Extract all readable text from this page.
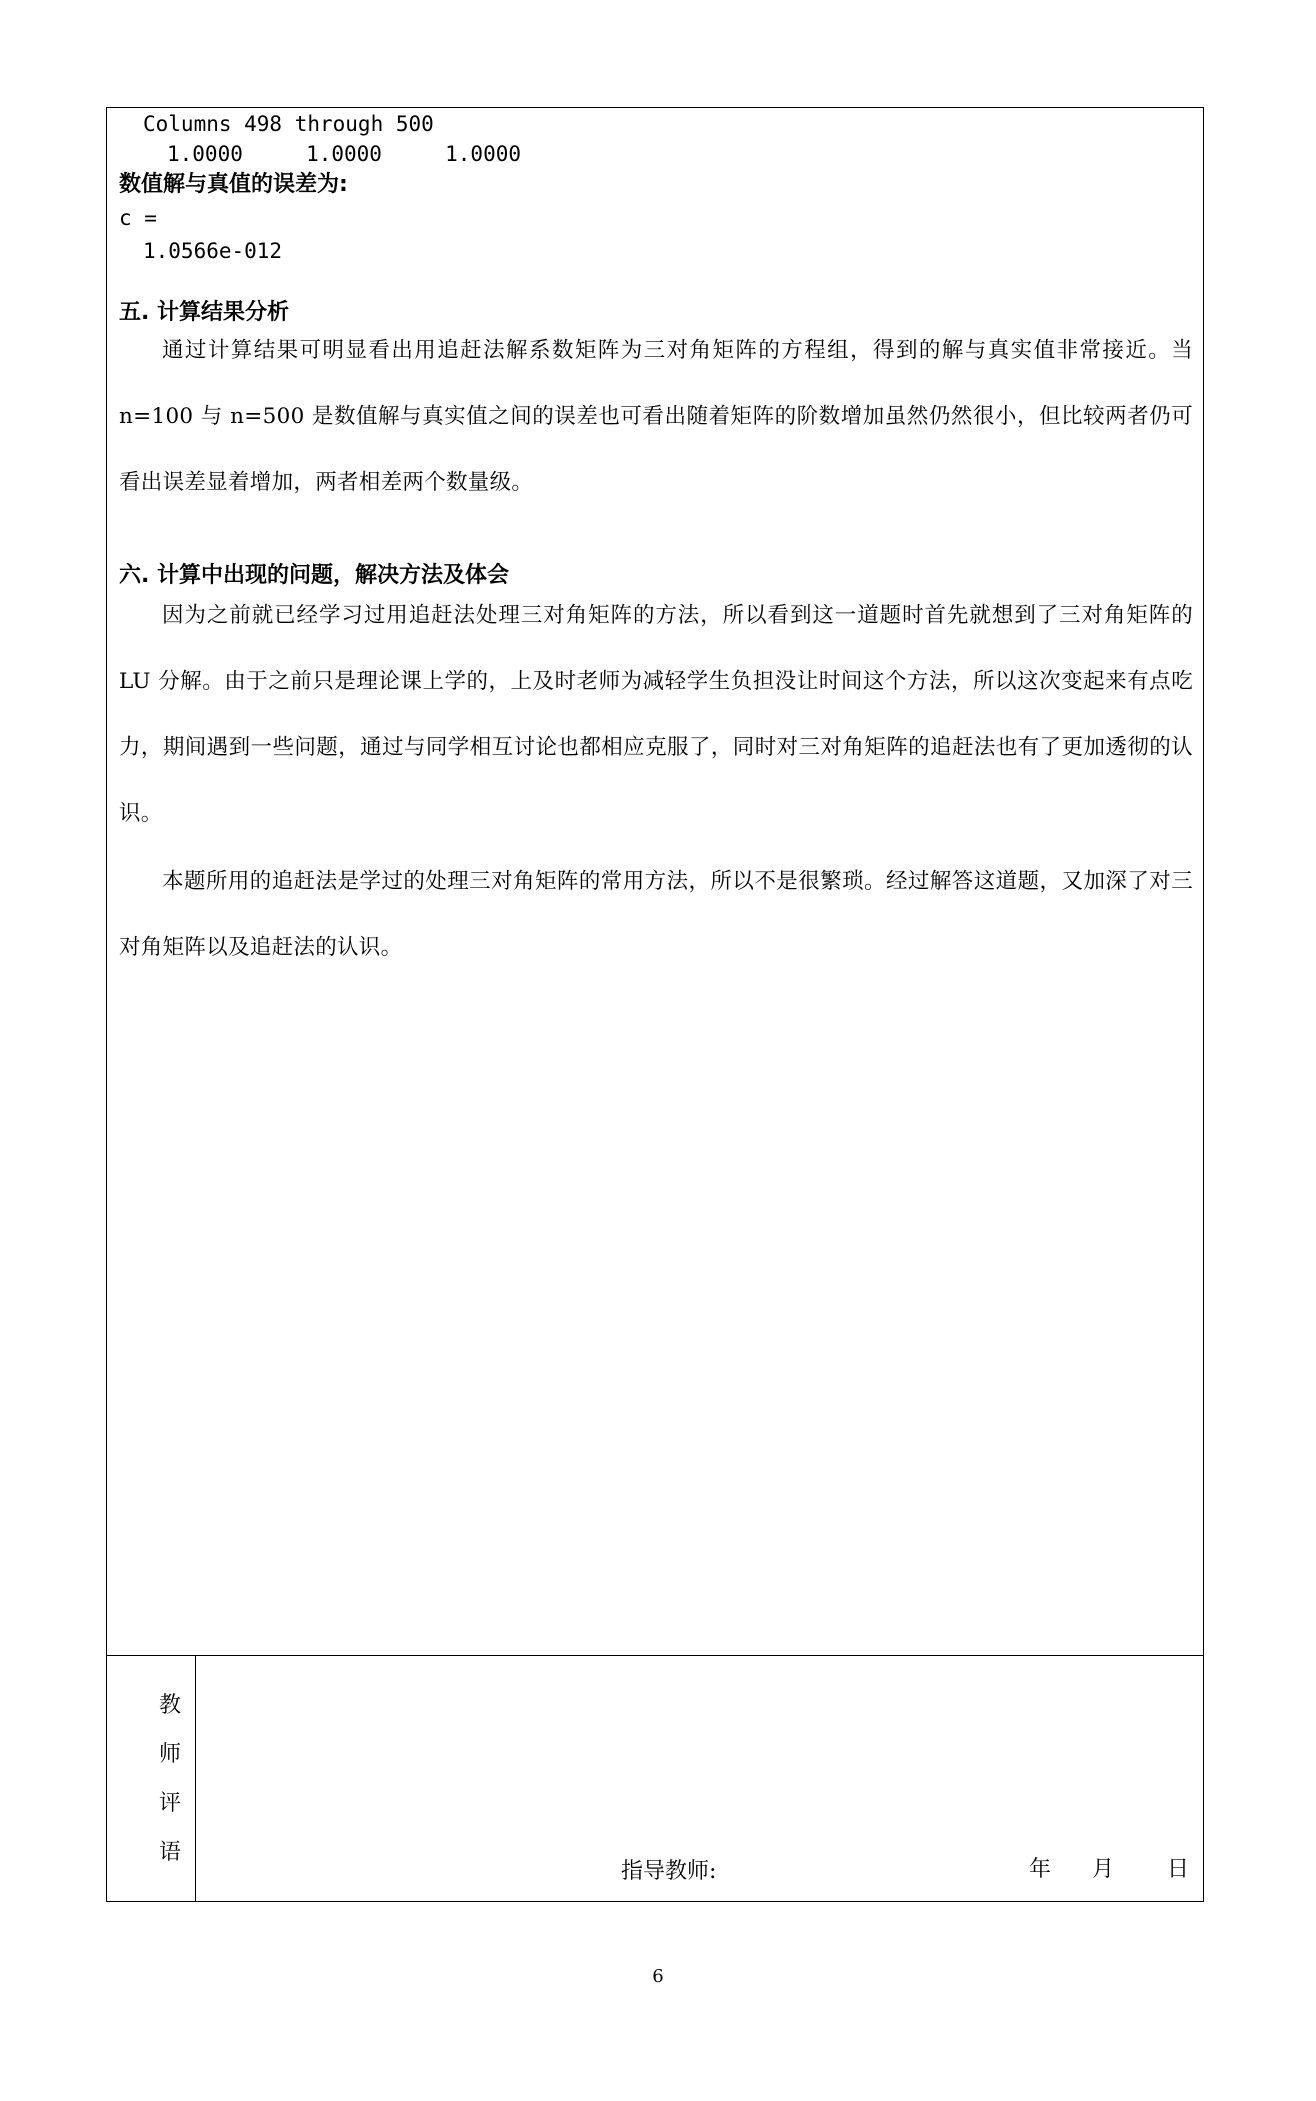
Columns 498 through 500
1.0000     1.0000     1.0000
数值解与真值的误差为:
c =
1.0566e-012
五. 计算结果分析
通过计算结果可明显看出用追赶法解系数矩阵为三对角矩阵的方程组，得到的解与真实值非常接近。当 n=100 与 n=500 是数值解与真实值之间的误差也可看出随着矩阵的阶数增加虽然仍然很小，但比较两者仍可看出误差显着增加，两者相差两个数量级。
六. 计算中出现的问题，解决方法及体会
因为之前就已经学习过用追赶法处理三对角矩阵的方法，所以看到这一道题时首先就想到了三对角矩阵的 LU 分解。由于之前只是理论课上学的，上及时老师为减轻学生负担没让时间这个方法，所以这次变起来有点吃力，期间遇到一些问题，通过与同学相互讨论也都相应克服了，同时对三对角矩阵的追赶法也有了更加透彻的认识。
本题所用的追赶法是学过的处理三对角矩阵的常用方法，所以不是很繁琐。经过解答这道题，又加深了对三对角矩阵以及追赶法的认识。
教
师
评
语
指导教师:	年 月 日
6
